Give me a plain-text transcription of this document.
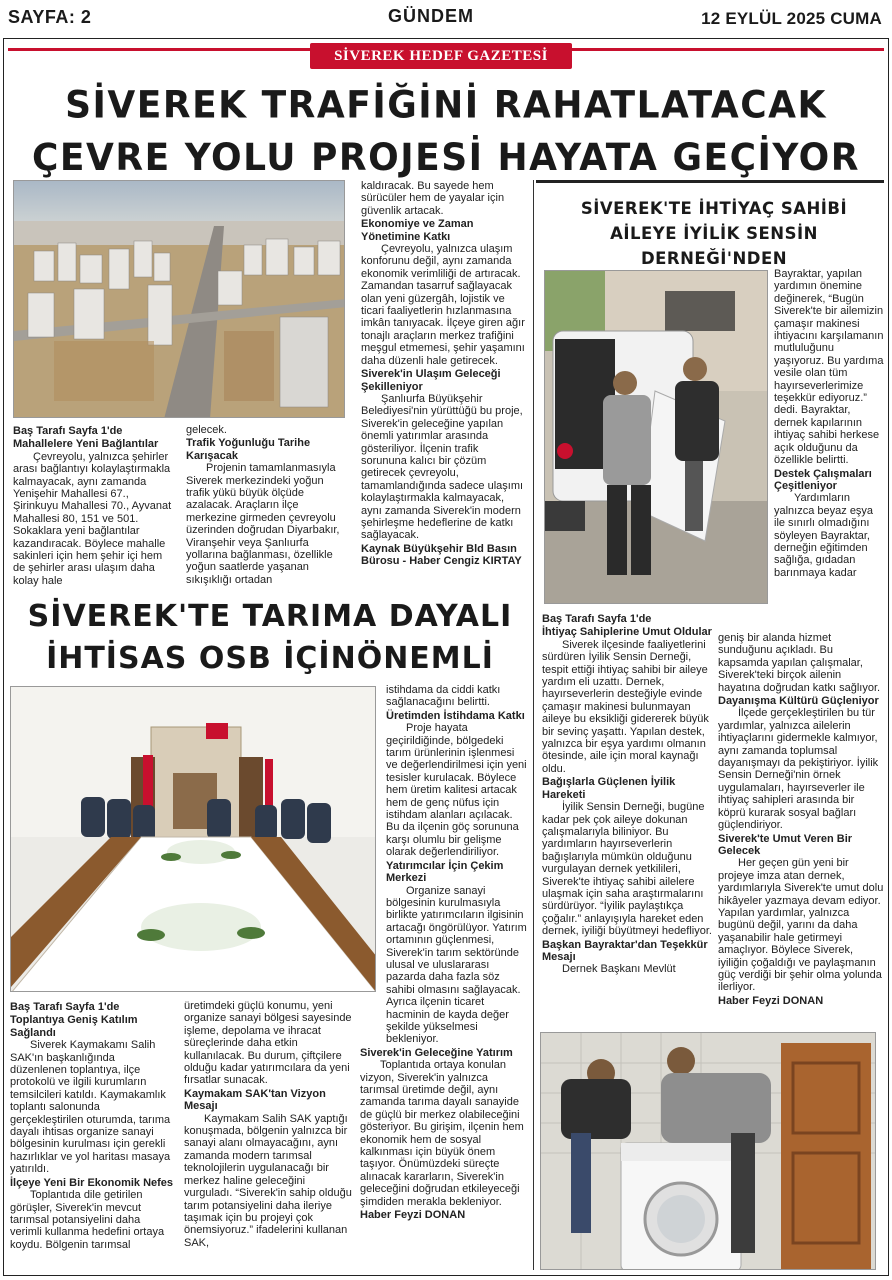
SAYFA: 2	GÜNDEM	12 EYLÜL 2025 CUMA
SİVEREK HEDEF GAZETESİ
SİVEREK TRAFİĞİNİ RAHATLATACAK
ÇEVRE YOLU PROJESİ HAYATA GEÇİYOR
Baş Tarafı Sayfa 1'de
Mahallelere Yeni Bağlantılar

Çevreyolu, yalnızca şehirler arası bağlantıyı kolaylaştırmakla kalmayacak, aynı zamanda Yenişehir Mahallesi 67., Şirinkuyu Mahallesi 70., Ayvanat Mahallesi 80, 151 ve 501. Sokaklara yeni bağlantılar kazandıracak. Böylece mahalle sakinleri için hem şehir içi hem de şehirler arası ulaşım daha kolay hale

gelecek.

Trafik Yoğunluğu Tarihe Karışacak

Projenin tamamlanmasıyla Siverek merkezindeki yoğun trafik yükü büyük ölçüde azalacak. Araçların ilçe merkezine girmeden çevreyolu üzerinden doğrudan Diyarbakır, Viranşehir veya Şanlıurfa yollarına bağlanması, özellikle yoğun saatlerde yaşanan sıkışıklığı ortadan

kaldıracak. Bu sayede hem sürücüler hem de yayalar için güvenlik artacak.

Ekonomiye ve Zaman Yönetimine Katkı

Çevreyolu, yalnızca ulaşım konforunu değil, aynı zamanda ekonomik verimliliği de artıracak. Zamandan tasarruf sağlayacak olan yeni güzergâh, lojistik ve ticari faaliyetlerin hızlanmasına imkân tanıyacak. İlçeye giren ağır tonajlı araçların merkez trafiğini meşgul etmemesi, şehir yaşamını daha düzenli hale getirecek.

Siverek'in Ulaşım Geleceği Şekilleniyor

Şanlıurfa Büyükşehir Belediyesi'nin yürüttüğü bu proje, Siverek'in geleceğine yapılan önemli yatırımlar arasında gösteriliyor. İlçenin trafik sorununa kalıcı bir çözüm getirecek çevreyolu, tamamlandığında sadece ulaşımı kolaylaştırmakla kalmayacak, aynı zamanda Siverek'in modern şehirleşme hedeflerine de katkı sağlayacak.

Kaynak Büyükşehir Bld Basın Bürosu - Haber Cengiz KIRTAY
SİVEREK'TE İHTİYAÇ SAHİBİ
AİLEYE İYİLİK SENSİN DERNEĞİ'NDEN

Bayraktar, yapılan yardımın önemine değinerek, “Bugün Siverek'te bir ailemizin çamaşır makinesi ihtiyacını karşılamanın mutluluğunu yaşıyoruz. Bu yardıma vesile olan tüm hayırseverlerimize teşekkür ediyoruz.” dedi. Bayraktar, dernek kapılarının ihtiyaç sahibi herkese açık olduğunu da özellikle belirtti.

Destek Çalışmaları Çeşitleniyor

Yardımların yalnızca beyaz eşya ile sınırlı olmadığını söyleyen Bayraktar, derneğin eğitimden sağlığa, gıdadan barınmaya kadar

Baş Tarafı Sayfa 1'de
İhtiyaç Sahiplerine Umut Oldular

Siverek ilçesinde faaliyetlerini sürdüren İyilik Sensin Derneği, tespit ettiği ihtiyaç sahibi bir aileye yardım eli uzattı. Dernek, hayırseverlerin desteğiyle evinde çamaşır makinesi bulunmayan aileye bu eksikliği gidererek büyük bir sevinç yaşattı. Yapılan destek, yalnızca bir eşya yardımı olmanın ötesinde, aile için moral kaynağı oldu.

Bağışlarla Güçlenen İyilik Hareketi

İyilik Sensin Derneği, bugüne kadar pek çok aileye dokunan çalışmalarıyla biliniyor. Bu yardımların hayırseverlerin bağışlarıyla mümkün olduğunu vurgulayan dernek yetkilileri, Siverek'te ihtiyaç sahibi ailelere ulaşmak için saha araştırmalarını sürdürüyor. “İyilik paylaştıkça çoğalır.” anlayışıyla hareket eden dernek, iyiliği büyütmeyi hedefliyor.

Başkan Bayraktar'dan Teşekkür Mesajı

Dernek Başkanı Mevlüt

geniş bir alanda hizmet sunduğunu açıkladı. Bu kapsamda yapılan çalışmalar, Siverek'teki birçok ailenin hayatına doğrudan katkı sağlıyor.

Dayanışma Kültürü Güçleniyor

İlçede gerçekleştirilen bu tür yardımlar, yalnızca ailelerin ihtiyaçlarını gidermekle kalmıyor, aynı zamanda toplumsal dayanışmayı da pekiştiriyor. İyilik Sensin Derneği'nin örnek uygulamaları, hayırseverler ile ihtiyaç sahipleri arasında bir köprü kurarak sosyal bağları güçlendiriyor.

Siverek'te Umut Veren Bir Gelecek

Her geçen gün yeni bir projeye imza atan dernek, yardımlarıyla Siverek'te umut dolu hikâyeler yazmaya devam ediyor. Yapılan yardımlar, yalnızca bugünü değil, yarını da daha yaşanabilir hale getirmeyi amaçlıyor. Böylece Siverek, iyiliğin çoğaldığı ve paylaşmanın güç verdiği bir şehir olma yolunda ilerliyor.

Haber Feyzi DONAN
SİVEREK'TE TARIMA DAYALI
İHTİSAS OSB İÇİNÖNEMLİ
Baş Tarafı Sayfa 1'de
Toplantıya Geniş Katılım Sağlandı

Siverek Kaymakamı Salih SAK'ın başkanlığında düzenlenen toplantıya, ilçe protokolü ve ilgili kurumların temsilcileri katıldı. Kaymakamlık toplantı salonunda gerçekleştirilen oturumda, tarıma dayalı ihtisas organize sanayi bölgesinin kurulması için gerekli hazırlıklar ve yol haritası masaya yatırıldı.

İlçeye Yeni Bir Ekonomik Nefes

Toplantıda dile getirilen görüşler, Siverek'in mevcut tarımsal potansiyelini daha verimli kullanma hedefini ortaya koydu. Bölgenin tarımsal

üretimdeki güçlü konumu, yeni organize sanayi bölgesi sayesinde işleme, depolama ve ihracat süreçlerinde daha etkin kullanılacak. Bu durum, çiftçilere olduğu kadar yatırımcılara da yeni fırsatlar sunacak.

Kaymakam SAK'tan Vizyon Mesajı

Kaymakam Salih SAK yaptığı konuşmada, bölgenin yalnızca bir sanayi alanı olmayacağını, aynı zamanda modern tarımsal teknolojilerin uygulanacağı bir merkez haline geleceğini vurguladı. “Siverek'in sahip olduğu tarım potansiyelini daha ileriye taşımak için bu projeyi çok önemsiyoruz.” ifadelerini kullanan SAK,

istihdama da ciddi katkı sağlanacağını belirtti.

Üretimden İstihdama Katkı

Proje hayata geçirildiğinde, bölgedeki tarım ürünlerinin işlenmesi ve değerlendirilmesi için yeni tesisler kurulacak. Böylece hem üretim kalitesi artacak hem de genç nüfus için istihdam alanları açılacak. Bu da ilçenin göç sorununa karşı olumlu bir gelişme olarak değerlendiriliyor.

Yatırımcılar İçin Çekim Merkezi

Organize sanayi bölgesinin kurulmasıyla birlikte yatırımcıların ilgisinin artacağı öngörülüyor. Yatırım ortamının güçlenmesi, Siverek'in tarım sektöründe ulusal ve uluslararası pazarda daha fazla söz sahibi olmasını sağlayacak. Ayrıca ilçenin ticaret hacminin de kayda değer şekilde yükselmesi bekleniyor.

Siverek'in Geleceğine Yatırım

Toplantıda ortaya konulan vizyon, Siverek'in yalnızca tarımsal üretimde değil, aynı zamanda tarıma dayalı sanayide de güçlü bir merkez olabileceğini gösteriyor. Bu girişim, ilçenin hem ekonomik hem de sosyal kalkınması için büyük önem taşıyor. Önümüzdeki süreçte alınacak kararların, Siverek'in geleceğini doğrudan etkileyeceği şimdiden merakla bekleniyor.

Haber Feyzi DONAN
